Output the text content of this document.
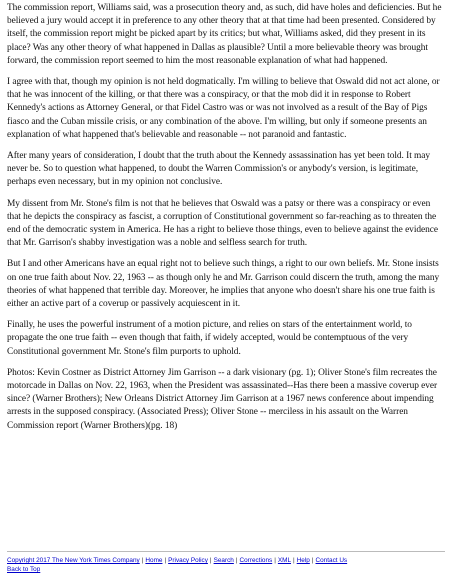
The commission report, Williams said, was a prosecution theory and, as such, did have holes and deficiencies. But he believed a jury would accept it in preference to any other theory that at that time had been presented. Considered by itself, the commission report might be picked apart by its critics; but what, Williams asked, did they present in its place? Was any other theory of what happened in Dallas as plausible? Until a more believable theory was brought forward, the commission report seemed to him the most reasonable explanation of what had happened.

I agree with that, though my opinion is not held dogmatically. I'm willing to believe that Oswald did not act alone, or that he was innocent of the killing, or that there was a conspiracy, or that the mob did it in response to Robert Kennedy's actions as Attorney General, or that Fidel Castro was or was not involved as a result of the Bay of Pigs fiasco and the Cuban missile crisis, or any combination of the above. I'm willing, but only if someone presents an explanation of what happened that's believable and reasonable -- not paranoid and fantastic.

After many years of consideration, I doubt that the truth about the Kennedy assassination has yet been told. It may never be. So to question what happened, to doubt the Warren Commission's or anybody's version, is legitimate, perhaps even necessary, but in my opinion not conclusive.

My dissent from Mr. Stone's film is not that he believes that Oswald was a patsy or there was a conspiracy or even that he depicts the conspiracy as fascist, a corruption of Constitutional government so far-reaching as to threaten the end of the democratic system in America. He has a right to believe those things, even to believe against the evidence that Mr. Garrison's shabby investigation was a noble and selfless search for truth.

But I and other Americans have an equal right not to believe such things, a right to our own beliefs. Mr. Stone insists on one true faith about Nov. 22, 1963 -- as though only he and Mr. Garrison could discern the truth, among the many theories of what happened that terrible day. Moreover, he implies that anyone who doesn't share his one true faith is either an active part of a coverup or passively acquiescent in it.

Finally, he uses the powerful instrument of a motion picture, and relies on stars of the entertainment world, to propagate the one true faith -- even though that faith, if widely accepted, would be contemptuous of the very Constitutional government Mr. Stone's film purports to uphold.

Photos: Kevin Costner as District Attorney Jim Garrison -- a dark visionary (pg. 1); Oliver Stone's film recreates the motorcade in Dallas on Nov. 22, 1963, when the President was assassinated--Has there been a massive coverup ever since? (Warner Brothers); New Orleans District Attorney Jim Garrison at a 1967 news conference about impending arrests in the supposed conspiracy. (Associated Press); Oliver Stone -- merciless in his assault on the Warren Commission report (Warner Brothers)(pg. 18)

Copyright 2017 The New York Times Company | Home | Privacy Policy | Search | Corrections | XML | Help | Contact Us
Back to Top
